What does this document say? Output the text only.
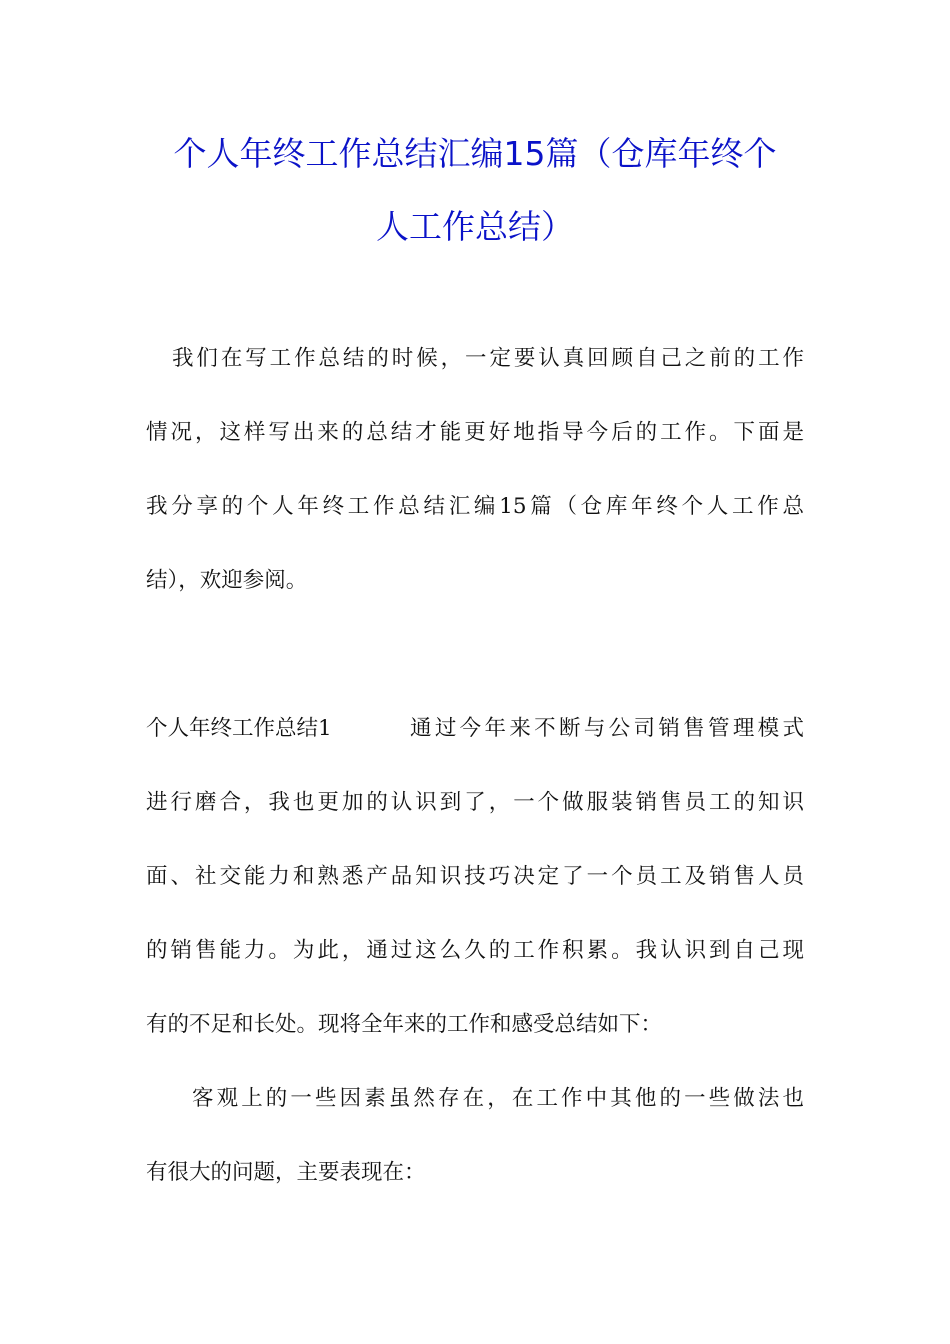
个人年终工作总结汇编15篇（仓库年终个
人工作总结）
我们在写工作总结的时候，一定要认真回顾自己之前的工作
情况，这样写出来的总结才能更好地指导今后的工作。下面是
我分享的个人年终工作总结汇编15篇（仓库年终个人工作总
结），欢迎参阅。
个人年终工作总结1	通过今年来不断与公司销售管理模式
进行磨合，我也更加的认识到了，一个做服装销售员工的知识
面、社交能力和熟悉产品知识技巧决定了一个员工及销售人员
的销售能力。为此，通过这么久的工作积累。我认识到自己现
有的不足和长处。现将全年来的工作和感受总结如下：
客观上的一些因素虽然存在，在工作中其他的一些做法也
有很大的问题，主要表现在：
